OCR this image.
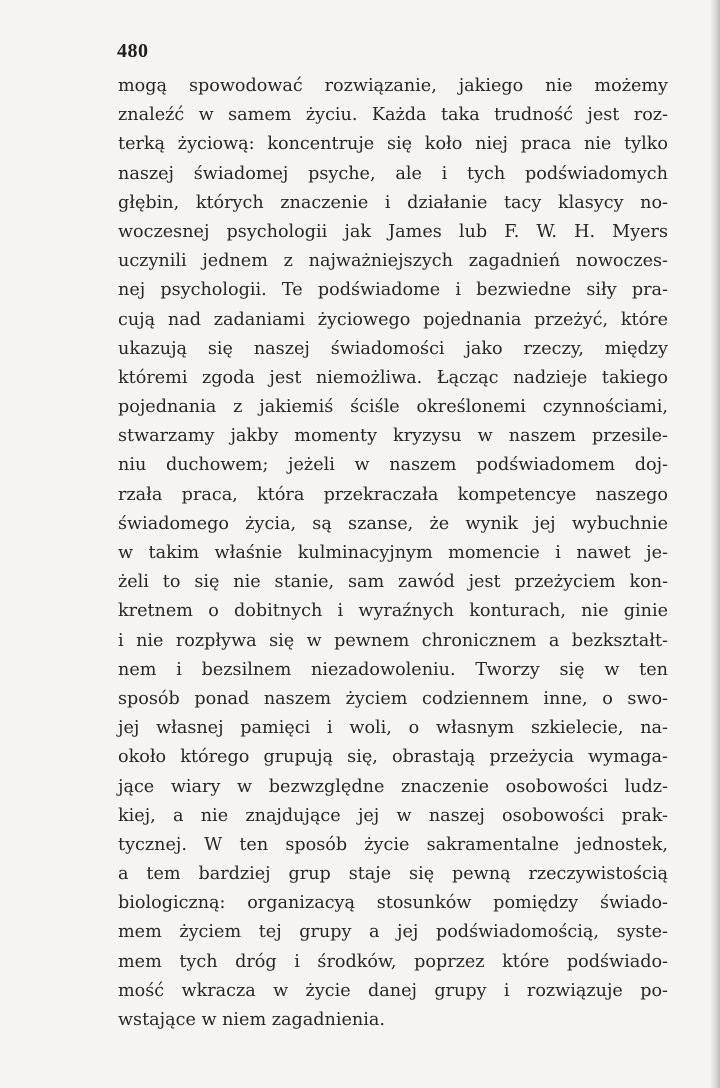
480
mogą spowodować rozwiązanie, jakiego nie możemy
znaleźć w samem życiu. Każda taka trudność jest roz-
terką życiową: koncentruje się koło niej praca nie tylko
naszej świadomej psyche, ale i tych podświadomych
głębin, których znaczenie i działanie tacy klasycy no-
woczesnej psychologii jak James lub F. W. H. Myers
uczynili jednem z najważniejszych zagadnień nowoczes-
nej psychologii. Te podświadome i bezwiedne siły pra-
cują nad zadaniami życiowego pojednania przeżyć, które
ukazują się naszej świadomości jako rzeczy, między
któremi zgoda jest niemożliwa. Łącząc nadzieje takiego
pojednania z jakiemiś ściśle określonemi czynnościami,
stwarzamy jakby momenty kryzysu w naszem przesile-
niu duchowem; jeżeli w naszem podświadomem doj-
rzała praca, która przekraczała kompetencye naszego
świadomego życia, są szanse, że wynik jej wybuchnie
w takim właśnie kulminacyjnym momencie i nawet je-
żeli to się nie stanie, sam zawód jest przeżyciem kon-
kretnem o dobitnych i wyraźnych konturach, nie ginie
i nie rozpływa się w pewnem chronicznem a bezkształt-
nem i bezsilnem niezadowoleniu. Tworzy się w ten
sposób ponad naszem życiem codziennem inne, o swo-
jej własnej pamięci i woli, o własnym szkielecie, na-
około którego grupują się, obrastają przeżycia wymaga-
jące wiary w bezwzględne znaczenie osobowości ludz-
kiej, a nie znajdujące jej w naszej osobowości prak-
tycznej. W ten sposób życie sakramentalne jednostek,
a tem bardziej grup staje się pewną rzeczywistością
biologiczną: organizacyą stosunków pomiędzy świado-
mem życiem tej grupy a jej podświadomością, syste-
mem tych dróg i środków, poprzez które podświado-
mość wkracza w życie danej grupy i rozwiązuje po-
wstające w niem zagadnienia.
